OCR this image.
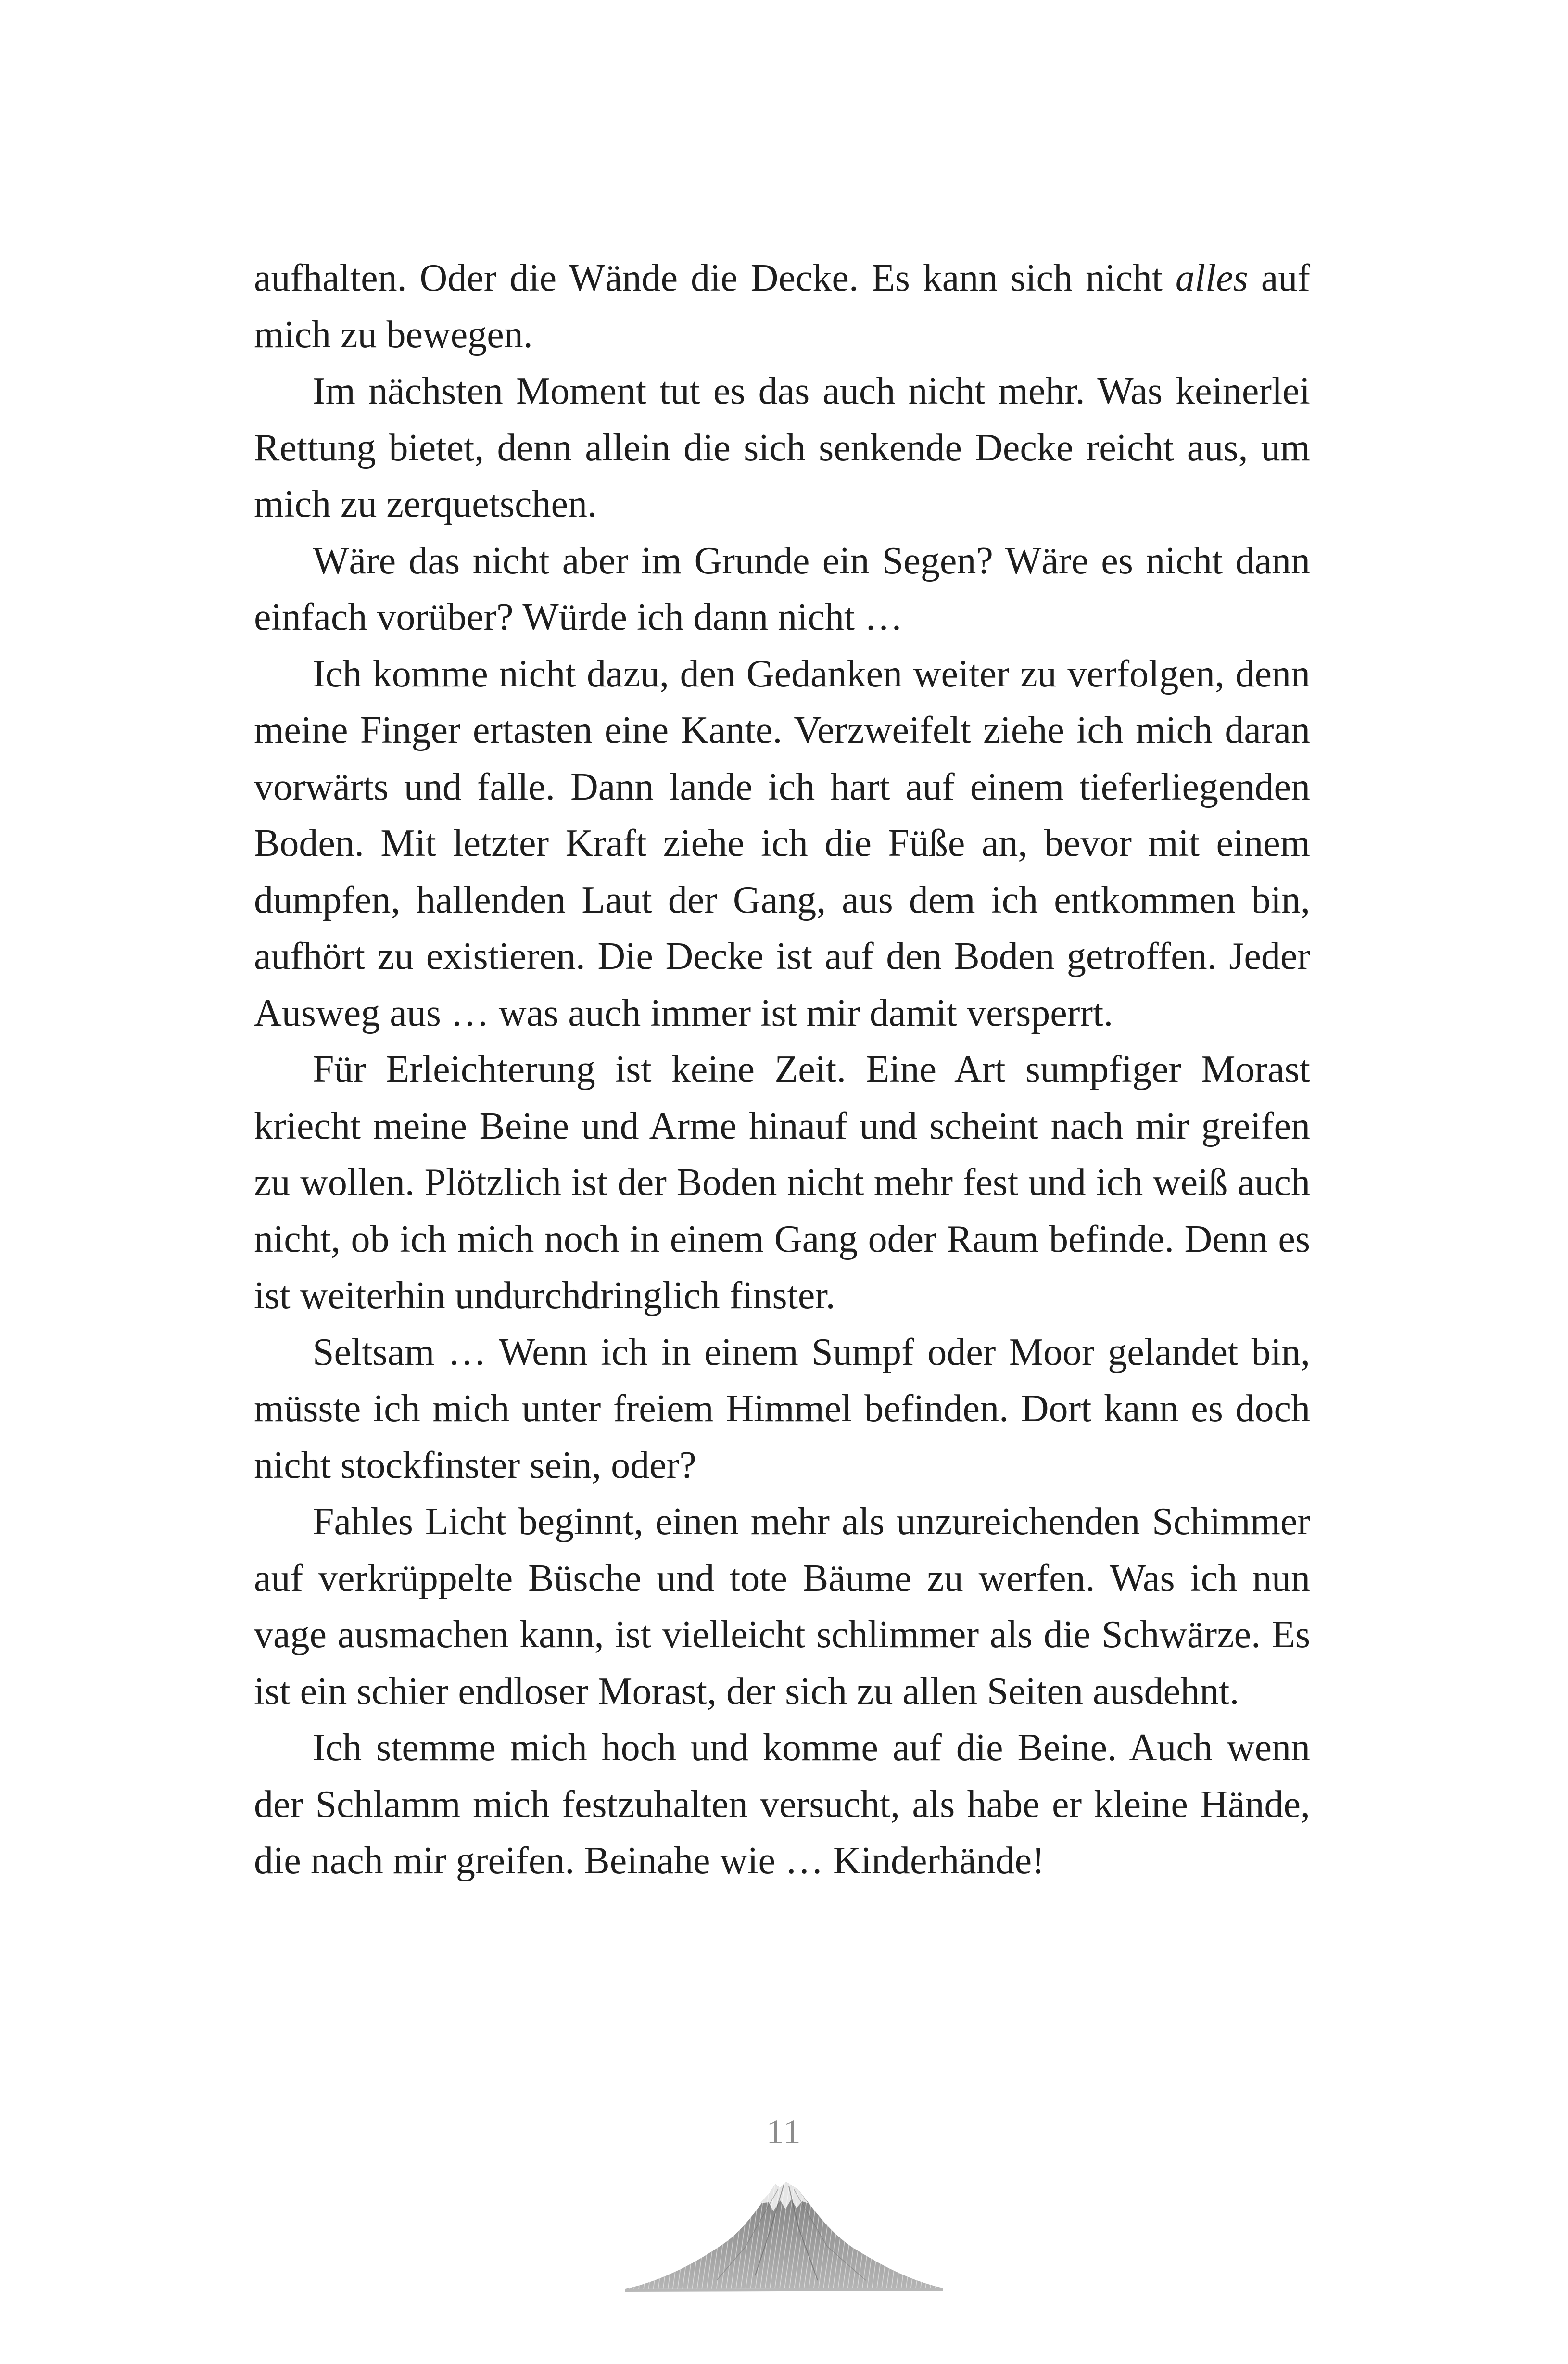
aufhalten. Oder die Wände die Decke. Es kann sich nicht alles auf mich zu bewegen.

Im nächsten Moment tut es das auch nicht mehr. Was keinerlei Rettung bietet, denn allein die sich senkende Decke reicht aus, um mich zu zerquetschen.

Wäre das nicht aber im Grunde ein Segen? Wäre es nicht dann einfach vorüber? Würde ich dann nicht …

Ich komme nicht dazu, den Gedanken weiter zu verfolgen, denn meine Finger ertasten eine Kante. Verzweifelt ziehe ich mich daran vorwärts und falle. Dann lande ich hart auf einem tieferliegenden Boden. Mit letzter Kraft ziehe ich die Füße an, bevor mit einem dumpfen, hallenden Laut der Gang, aus dem ich entkommen bin, aufhört zu existieren. Die Decke ist auf den Boden getroffen. Jeder Ausweg aus … was auch immer ist mir damit versperrt.

Für Erleichterung ist keine Zeit. Eine Art sumpfiger Morast kriecht meine Beine und Arme hinauf und scheint nach mir greifen zu wollen. Plötzlich ist der Boden nicht mehr fest und ich weiß auch nicht, ob ich mich noch in einem Gang oder Raum befinde. Denn es ist weiterhin undurchdringlich finster.

Seltsam … Wenn ich in einem Sumpf oder Moor gelandet bin, müsste ich mich unter freiem Himmel befinden. Dort kann es doch nicht stockfinster sein, oder?

Fahles Licht beginnt, einen mehr als unzureichenden Schimmer auf verkrüppelte Büsche und tote Bäume zu werfen. Was ich nun vage ausmachen kann, ist vielleicht schlimmer als die Schwärze. Es ist ein schier endloser Morast, der sich zu allen Seiten ausdehnt.

Ich stemme mich hoch und komme auf die Beine. Auch wenn der Schlamm mich festzuhalten versucht, als habe er kleine Hände, die nach mir greifen. Beinahe wie … Kinderhände!

11
